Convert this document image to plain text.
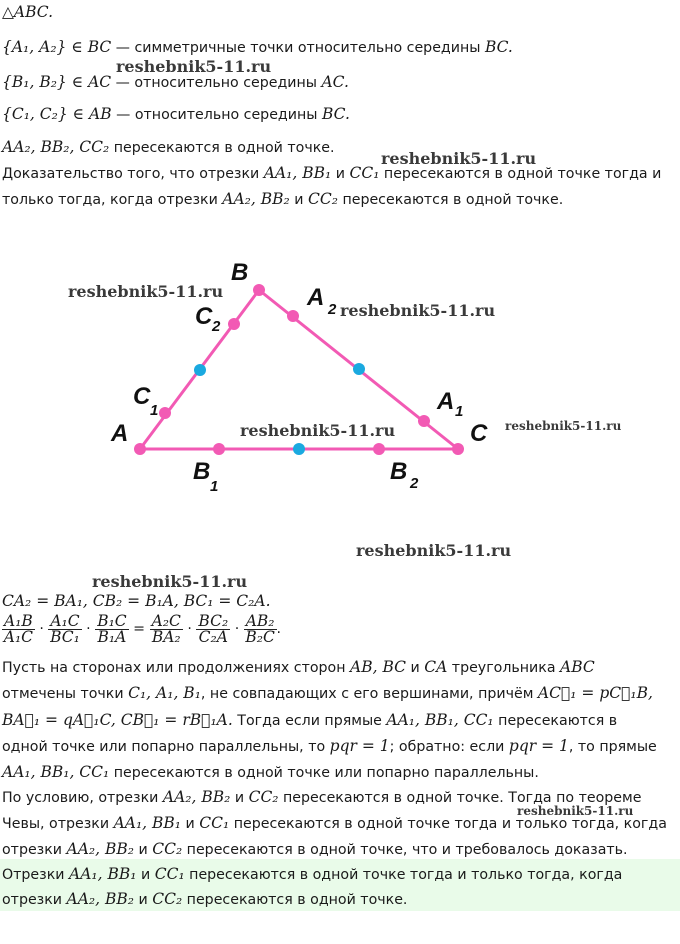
△ABC.
{A₁, A₂} ∈ BC — симметричные точки относительно середины BC.
{B₁, B₂} ∈ AC — относительно середины AC.
{C₁, C₂} ∈ AB — относительно середины BC.
AA₂, BB₂, CC₂ пересекаются в одной точке.
Доказательство того, что отрезки AA₁, BB₁ и CC₁ пересекаются в одной точке тогда и
только тогда, когда отрезки AA₂, BB₂ и CC₂ пересекаются в одной точке.
A
B
C
C
1
C 2
A 2
A 1
B
1
B 2
reshebnik5-11.ru
reshebnik5-11.ru
reshebnik5-11.ru
reshebnik5-11.ru
reshebnik5-11.ru	reshebnik5-11.ru
reshebnik5-11.ru
reshebnik5-11.ru
reshebnik5-11.ru
CA₂ = BA₁, CB₂ = B₁A, BC₁ = C₂A.
$\frac{\text{A₁B}}{\text{A₁C}} \cdot \frac{\text{A₁C}}{\text{BC₁}} \cdot \frac{\text{B₁C}}{\text{B₁A}} = \frac{\text{A₂C}}{\text{BA₂}} \cdot \frac{\text{BC₂}}{\text{C₂A}} \cdot \frac{\text{AB₂}}{\text{B₂C}}$ .
Пусть на сторонах или продолжениях сторон AB, BC и CA треугольника ABC
отмечены точки C₁, A₁, B₁, не совпадающих с его вершинами, причём AC⃗₁ = pC⃗₁B,
BA⃗₁ = qA⃗₁C, CB⃗₁ = rB⃗₁A. Тогда если прямые AA₁, BB₁, CC₁ пересекаются в
одной точке или попарно параллельны, то pqr = 1; обратно: если pqr = 1, то прямые
AA₁, BB₁, CC₁ пересекаются в одной точке или попарно параллельны.
По условию, отрезки AA₂, BB₂ и CC₂ пересекаются в одной точке. Тогда по теореме
Чевы, отрезки AA₁, BB₁ и CC₁ пересекаются в одной точке тогда и только тогда, когда
отрезки AA₂, BB₂ и CC₂ пересекаются в одной точке, что и требовалось доказать.
Отрезки AA₁, BB₁ и CC₁ пересекаются в одной точке тогда и только тогда, когда
отрезки AA₂, BB₂ и CC₂ пересекаются в одной точке.
